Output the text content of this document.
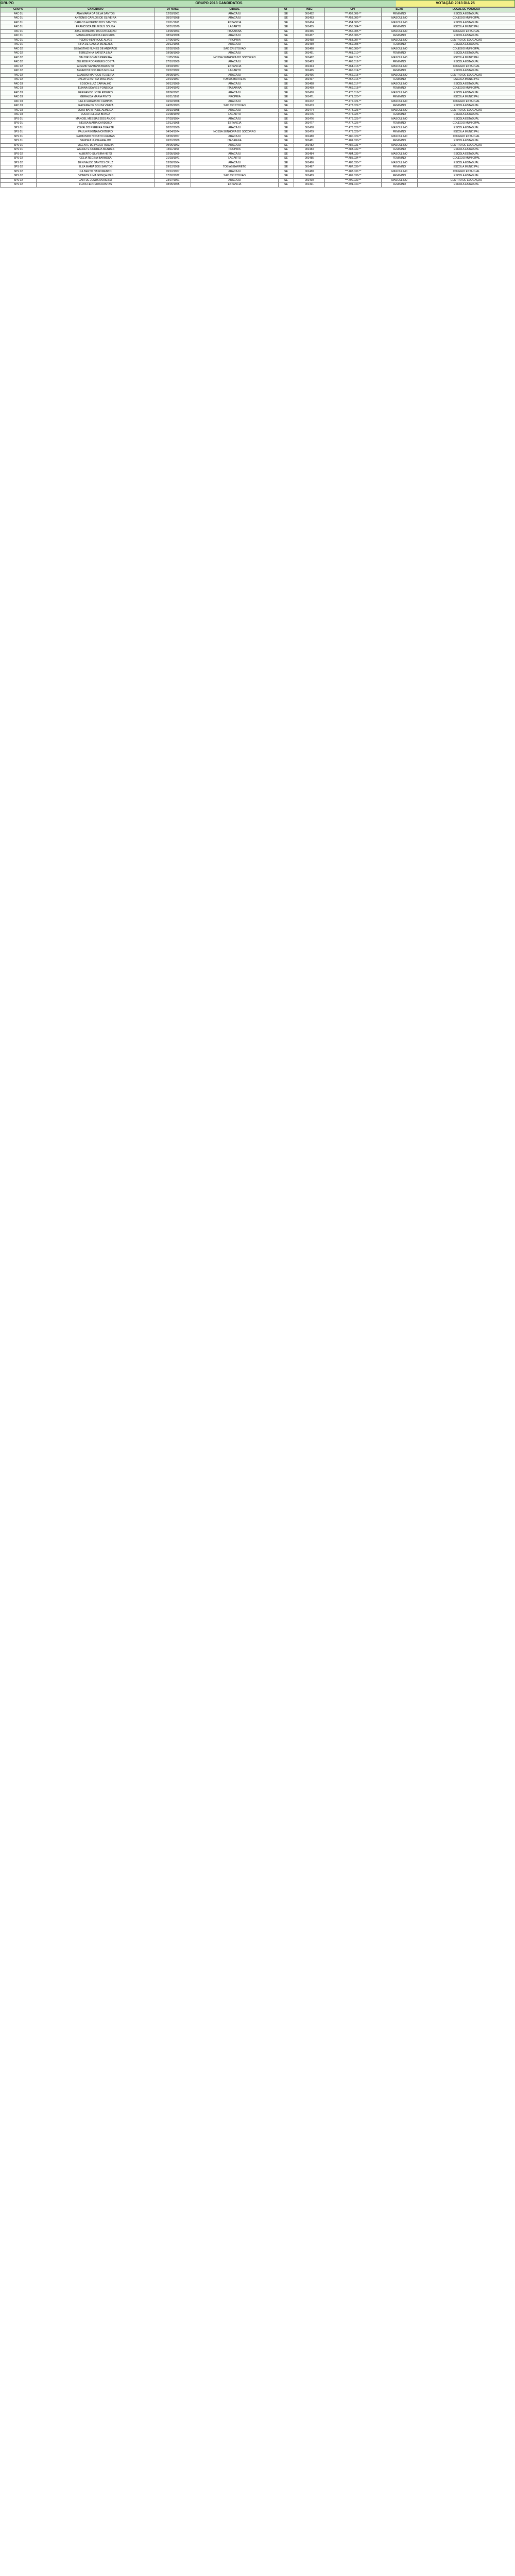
GRUPO	GRUPO 2013 CANDIDATOS	VOTAÇÃO 2013 DIA 25
GRUPO	CANDIDATO	DT NASC	CIDADE	UF	INSC	CPF	SEXO	LOCAL DE VOTAÇÃO
PAC 01	ANA MARIA DA SILVA SANTOS	12/03/1961	ARACAJU	SE	001452	***.452.001-**	FEMININO	ESCOLA ESTADUAL
PAC 01	ANTONIO CARLOS DE OLIVEIRA	05/07/1958	ARACAJU	SE	001453	***.453.002-**	MASCULINO	COLÉGIO MUNICIPAL
PAC 01	CARLOS ALBERTO DOS SANTOS	21/11/1965	ESTÂNCIA	SE	001454	***.454.003-**	MASCULINO	ESCOLA ESTADUAL
PAC 01	FRANCISCA DE JESUS SOUZA	30/01/1970	LAGARTO	SE	001455	***.455.004-**	FEMININO	ESCOLA MUNICIPAL
PAC 01	JOSÉ ROBERTO DA CONCEIÇÃO	14/09/1963	ITABAIANA	SE	001456	***.456.005-**	MASCULINO	COLÉGIO ESTADUAL
PAC 01	MARIA APARECIDA FERREIRA	08/04/1968	ARACAJU	SE	001457	***.457.006-**	FEMININO	ESCOLA ESTADUAL
PAC 01	PEDRO HENRIQUE ALVES	17/06/1972	PROPRIÁ	SE	001458	***.458.007-**	MASCULINO	CENTRO DE EDUCAÇÃO
PAC 01	RITA DE CÁSSIA MENEZES	25/12/1966	ARACAJU	SE	001459	***.459.008-**	FEMININO	ESCOLA ESTADUAL
PAC 02	SEBASTIÃO NUNES DE ANDRADE	02/02/1955	SÃO CRISTÓVÃO	SE	001460	***.460.009-**	MASCULINO	COLÉGIO MUNICIPAL
PAC 02	TEREZINHA BATISTA LIMA	19/08/1960	ARACAJU	SE	001461	***.461.010-**	FEMININO	ESCOLA ESTADUAL
PAC 02	VALDIR GOMES PEREIRA	11/05/1964	NOSSA SENHORA DO SOCORRO	SE	001462	***.462.011-**	MASCULINO	ESCOLA MUNICIPAL
PAC 02	ZULEIDE RODRIGUES COSTA	27/10/1969	ARACAJU	SE	001463	***.463.012-**	FEMININO	ESCOLA ESTADUAL
PAC 02	ADEMIR SANTANA BARRETO	03/03/1957	ESTÂNCIA	SE	001464	***.464.013-**	MASCULINO	COLÉGIO ESTADUAL
PAC 02	BENEDITA DOS REIS MOURA	15/07/1962	LAGARTO	SE	001465	***.465.014-**	FEMININO	ESCOLA ESTADUAL
PAC 02	CLAUDIO MARCOS TEIXEIRA	09/09/1971	ARACAJU	SE	001466	***.466.015-**	MASCULINO	CENTRO DE EDUCAÇÃO
PAC 02	DALVA CRISTINA MACHADO	22/01/1967	TOBIAS BARRETO	SE	001467	***.467.016-**	FEMININO	ESCOLA MUNICIPAL
PAC 03	EDSON LUIZ CARVALHO	06/12/1959	ARACAJU	SE	001468	***.468.017-**	MASCULINO	ESCOLA ESTADUAL
PAC 03	ELIANA SOARES FONSECA	13/04/1973	ITABAIANA	SE	001469	***.469.018-**	FEMININO	COLÉGIO MUNICIPAL
PAC 03	FERNANDO JOSÉ RIBEIRO	28/06/1961	ARACAJU	SE	001470	***.470.019-**	MASCULINO	ESCOLA ESTADUAL
PAC 03	GERALDA MARIA PINTO	01/11/1956	PROPRIÁ	SE	001471	***.471.020-**	FEMININO	ESCOLA MUNICIPAL
PAC 03	HÉLIO AUGUSTO CAMPOS	16/02/1968	ARACAJU	SE	001472	***.472.021-**	MASCULINO	COLÉGIO ESTADUAL
PAC 03	IRACEMA DE SOUZA VIEIRA	24/05/1963	SÃO CRISTÓVÃO	SE	001473	***.473.022-**	FEMININO	ESCOLA ESTADUAL
PAC 03	JOÃO BATISTA DE ALMEIDA	10/10/1958	ARACAJU	SE	001474	***.474.023-**	MASCULINO	CENTRO DE EDUCAÇÃO
PAC 03	LÚCIA HELENA BRAGA	31/08/1970	LAGARTO	SE	001475	***.475.024-**	FEMININO	ESCOLA ESTADUAL
SPS 01	MANOEL MESSIAS DOS ANJOS	07/03/1954	ARACAJU	SE	001476	***.476.025-**	MASCULINO	ESCOLA ESTADUAL
SPS 01	NEUSA MARIA CARDOSO	12/12/1965	ESTÂNCIA	SE	001477	***.477.026-**	FEMININO	COLÉGIO MUNICIPAL
SPS 01	OSVALDO PEREIRA DUARTE	20/07/1960	ARACAJU	SE	001478	***.478.027-**	MASCULINO	ESCOLA ESTADUAL
SPS 01	PAULA REGINA MONTEIRO	04/04/1974	NOSSA SENHORA DO SOCORRO	SE	001479	***.479.028-**	FEMININO	ESCOLA MUNICIPAL
SPS 01	RAIMUNDO NONATO FREITAS	18/09/1957	ARACAJU	SE	001480	***.480.029-**	MASCULINO	COLÉGIO ESTADUAL
SPS 01	SANDRA LÚCIA ARAÚJO	26/01/1969	ITABAIANA	SE	001481	***.481.030-**	FEMININO	ESCOLA ESTADUAL
SPS 01	VICENTE DE PAULO ROCHA	09/06/1962	ARACAJU	SE	001482	***.482.031-**	MASCULINO	CENTRO DE EDUCAÇÃO
SPS 01	WALDETE CORREIA MENDES	15/11/1966	PROPRIÁ	SE	001483	***.483.032-**	FEMININO	ESCOLA ESTADUAL
SPS 02	ALBERTO SILVEIRA NETO	02/05/1959	ARACAJU	SE	001484	***.484.033-**	MASCULINO	ESCOLA ESTADUAL
SPS 02	CÉLIA REGINA BARBOSA	21/03/1971	LAGARTO	SE	001485	***.485.034-**	FEMININO	COLÉGIO MUNICIPAL
SPS 02	DENIVALDO SANTOS CRUZ	13/08/1964	ARACAJU	SE	001486	***.486.035-**	MASCULINO	ESCOLA ESTADUAL
SPS 02	ELZA MARIA DOS SANTOS	29/12/1958	TOBIAS BARRETO	SE	001487	***.487.036-**	FEMININO	ESCOLA MUNICIPAL
SPS 02	GILBERTO NASCIMENTO	05/10/1967	ARACAJU	SE	001488	***.488.037-**	MASCULINO	COLÉGIO ESTADUAL
SPS 02	IVONETE LIMA GONÇALVES	17/02/1972	SÃO CRISTÓVÃO	SE	001489	***.489.038-**	FEMININO	ESCOLA ESTADUAL
SPS 02	JAIR DE JESUS MOREIRA	23/07/1961	ARACAJU	SE	001490	***.490.039-**	MASCULINO	CENTRO DE EDUCAÇÃO
SPS 02	LUZIA FERREIRA DANTAS	08/05/1965	ESTÂNCIA	SE	001491	***.491.040-**	FEMININO	ESCOLA ESTADUAL
